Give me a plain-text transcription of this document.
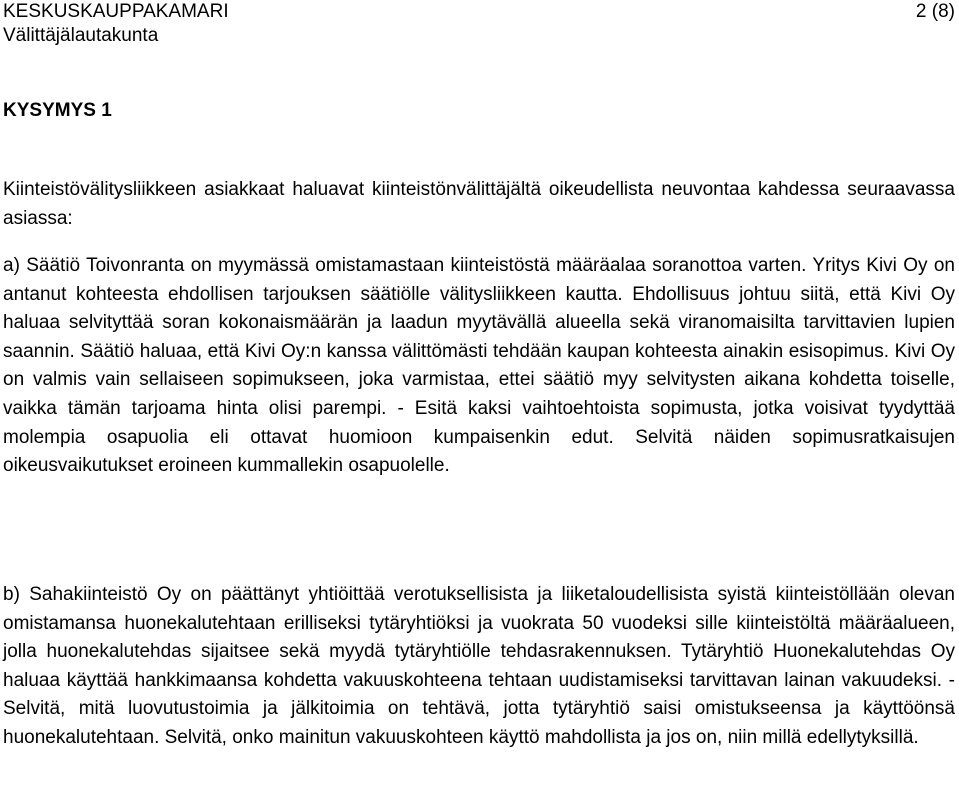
KESKUSKAUPPAKAMARI
Välittäjälautakunta
2 (8)
KYSYMYS 1

Kiinteistövälitysliikkeen asiakkaat haluavat kiinteistönvälittäjältä oikeudellista neuvontaa kahdessa seuraavassa asiassa:

a) Säätiö Toivonranta on myymässä omistamastaan kiinteistöstä määräalaa soranottoa varten. Yritys Kivi Oy on antanut kohteesta ehdollisen tarjouksen säätiölle välitysliikkeen kautta. Ehdollisuus johtuu siitä, että Kivi Oy haluaa selvityttää soran kokonaismäärän ja laadun myytävällä alueella sekä viranomaisilta tarvittavien lupien saannin. Säätiö haluaa, että Kivi Oy:n kanssa välittömästi tehdään kaupan kohteesta ainakin esisopimus. Kivi Oy on valmis vain sellaiseen sopimukseen, joka varmistaa, ettei säätiö myy selvitysten aikana kohdetta toiselle, vaikka tämän tarjoama hinta olisi parempi. - Esitä kaksi vaihtoehtoista sopimusta, jotka voisivat tyydyttää molempia osapuolia eli ottavat huomioon kumpaisenkin edut. Selvitä näiden sopimusratkaisujen oikeusvaikutukset eroineen kummallekin osapuolelle.

b) Sahakiinteistö Oy on päättänyt yhtiöittää verotuksellisista ja liiketaloudellisista syistä kiinteistöllään olevan omistamansa huonekalutehtaan erilliseksi tytäryhtiöksi ja vuokrata 50 vuodeksi sille kiinteistöltä määräalueen, jolla huonekalutehdas sijaitsee sekä myydä tytäryhtiölle tehdasrakennuksen. Tytäryhtiö Huonekalutehdas Oy haluaa käyttää hankkimaansa kohdetta vakuuskohteena tehtaan uudistamiseksi tarvittavan lainan vakuudeksi. - Selvitä, mitä luovutustoimia ja jälkitoimia on tehtävä, jotta tytäryhtiö saisi omistukseensa ja käyttöönsä huonekalutehtaan. Selvitä, onko mainitun vakuuskohteen käyttö mahdollista ja jos on, niin millä edellytyksillä.
